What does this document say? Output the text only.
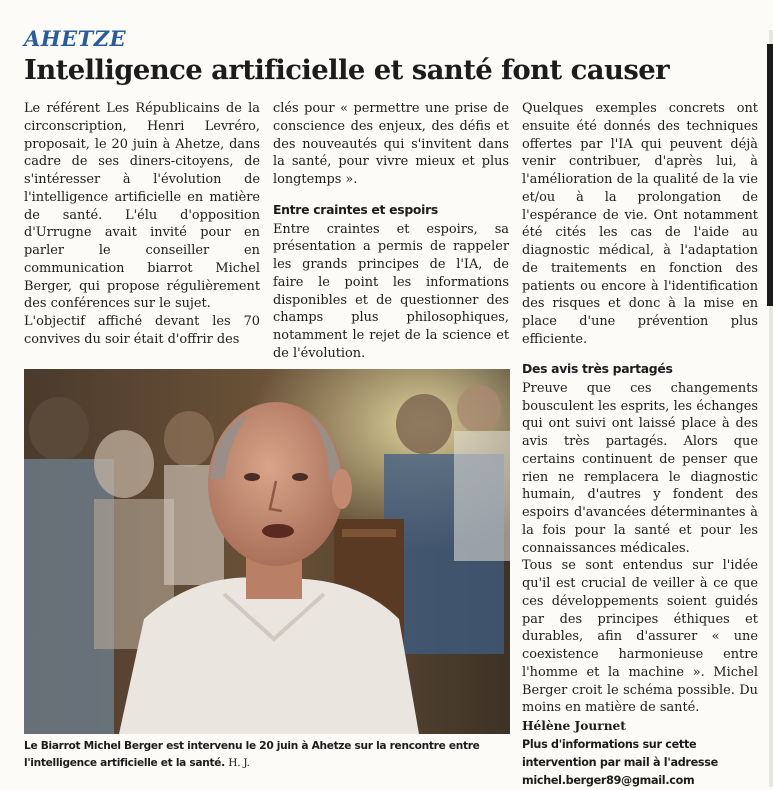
AHETZE
Intelligence artificielle et santé font causer

Le référent Les Républicains de la circonscription, Henri Levréro, proposait, le 20 juin à Ahetze, dans cadre de ses diners-citoyens, de s'intéresser à l'évolution de l'intelligence artificielle en matière de santé. L'élu d'opposition d'Urrugne avait invité pour en parler le conseiller en communication biarrot Michel Berger, qui propose régulièrement des conférences sur le sujet.

L'objectif affiché devant les 70 convives du soir était d'offrir des

clés pour « permettre une prise de conscience des enjeux, des défis et des nouveautés qui s'invitent dans la santé, pour vivre mieux et plus longtemps ».

Entre craintes et espoirs

Entre craintes et espoirs, sa présentation a permis de rappeler les grands principes de l'IA, de faire le point les informations disponibles et de questionner des champs plus philosophiques, notamment le rejet de la science et de l'évolution.

Quelques exemples concrets ont ensuite été donnés des techniques offertes par l'IA qui peuvent déjà venir contribuer, d'après lui, à l'amélioration de la qualité de la vie et/ou à la prolongation de l'espérance de vie. Ont notamment été cités les cas de l'aide au diagnostic médical, à l'adaptation de traitements en fonction des patients ou encore à l'identification des risques et donc à la mise en place d'une prévention plus efficiente.

Des avis très partagés

Preuve que ces changements bousculent les esprits, les échanges qui ont suivi ont laissé place à des avis très partagés. Alors que certains continuent de penser que rien ne remplacera le diagnostic humain, d'autres y fondent des espoirs d'avancées déterminantes à la fois pour la santé et pour les connaissances médicales.

Tous se sont entendus sur l'idée qu'il est crucial de veiller à ce que ces développements soient guidés par des principes éthiques et durables, afin d'assurer « une coexistence harmonieuse entre l'homme et la machine ». Michel Berger croit le schéma possible. Du moins en matière de santé.

Hélène Journet
Plus d'informations sur cette
intervention par mail à l'adresse
michel.berger89@gmail.com
Le Biarrot Michel Berger est intervenu le 20 juin à Ahetze sur la rencontre entre l'intelligence artificielle et la santé. H. J.
